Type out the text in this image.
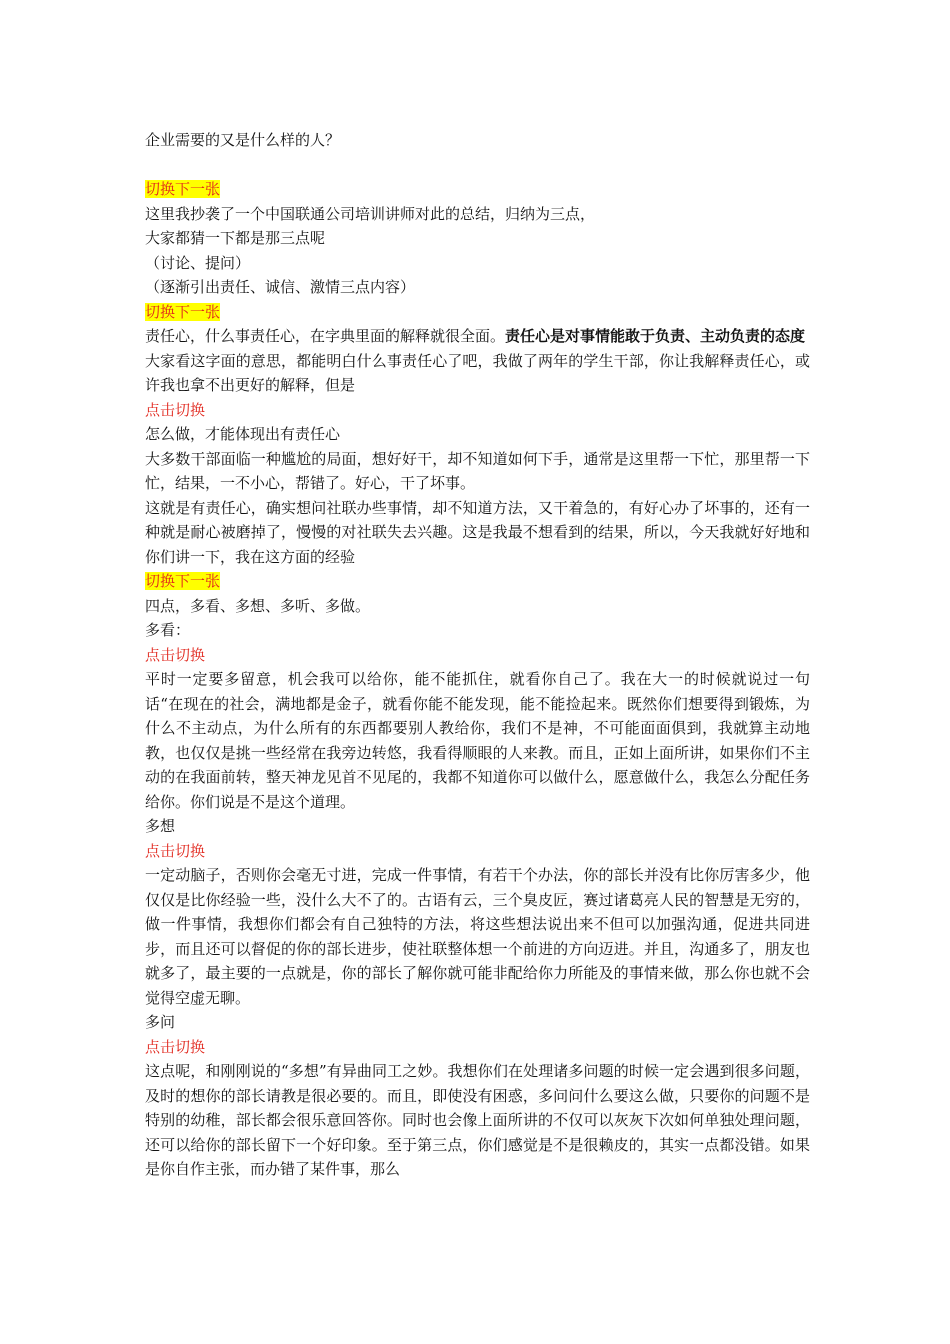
企业需要的又是什么样的人？

切换下一张

这里我抄袭了一个中国联通公司培训讲师对此的总结，归纳为三点，

大家都猜一下都是那三点呢

（讨论、提问）

（逐渐引出责任、诚信、激情三点内容）

切换下一张

责任心，什么事责任心，在字典里面的解释就很全面。责任心是对事情能敢于负责、主动负责的态度

大家看这字面的意思，都能明白什么事责任心了吧，我做了两年的学生干部，你让我解释责任心，或许我也拿不出更好的解释，但是

点击切换

怎么做，才能体现出有责任心

大多数干部面临一种尴尬的局面，想好好干，却不知道如何下手，通常是这里帮一下忙，那里帮一下忙，结果，一不小心，帮错了。好心，干了坏事。

这就是有责任心，确实想问社联办些事情，却不知道方法，又干着急的，有好心办了坏事的，还有一种就是耐心被磨掉了，慢慢的对社联失去兴趣。这是我最不想看到的结果，所以，今天我就好好地和你们讲一下，我在这方面的经验

切换下一张

四点，多看、多想、多听、多做。

多看：

点击切换

平时一定要多留意，机会我可以给你，能不能抓住，就看你自己了。我在大一的时候就说过一句话“在现在的社会，满地都是金子，就看你能不能发现，能不能捡起来。既然你们想要得到锻炼，为什么不主动点，为什么所有的东西都要别人教给你，我们不是神，不可能面面俱到，我就算主动地教，也仅仅是挑一些经常在我旁边转悠，我看得顺眼的人来教。而且，正如上面所讲，如果你们不主动的在我面前转，整天神龙见首不见尾的，我都不知道你可以做什么，愿意做什么，我怎么分配任务给你。你们说是不是这个道理。

多想

点击切换

一定动脑子，否则你会毫无寸进，完成一件事情，有若干个办法，你的部长并没有比你厉害多少，他仅仅是比你经验一些，没什么大不了的。古语有云，三个臭皮匠，赛过诸葛亮人民的智慧是无穷的，做一件事情，我想你们都会有自己独特的方法，将这些想法说出来不但可以加强沟通，促进共同进步，而且还可以督促的你的部长进步，使社联整体想一个前进的方向迈进。并且，沟通多了，朋友也就多了，最主要的一点就是，你的部长了解你就可能非配给你力所能及的事情来做，那么你也就不会觉得空虚无聊。

多问

点击切换

这点呢，和刚刚说的“多想”有异曲同工之妙。我想你们在处理诸多问题的时候一定会遇到很多问题，及时的想你的部长请教是很必要的。而且，即使没有困惑，多问问什么要这么做，只要你的问题不是特别的幼稚，部长都会很乐意回答你。同时也会像上面所讲的不仅可以灰灰下次如何单独处理问题，还可以给你的部长留下一个好印象。至于第三点，你们感觉是不是很赖皮的，其实一点都没错。如果是你自作主张，而办错了某件事，那么
